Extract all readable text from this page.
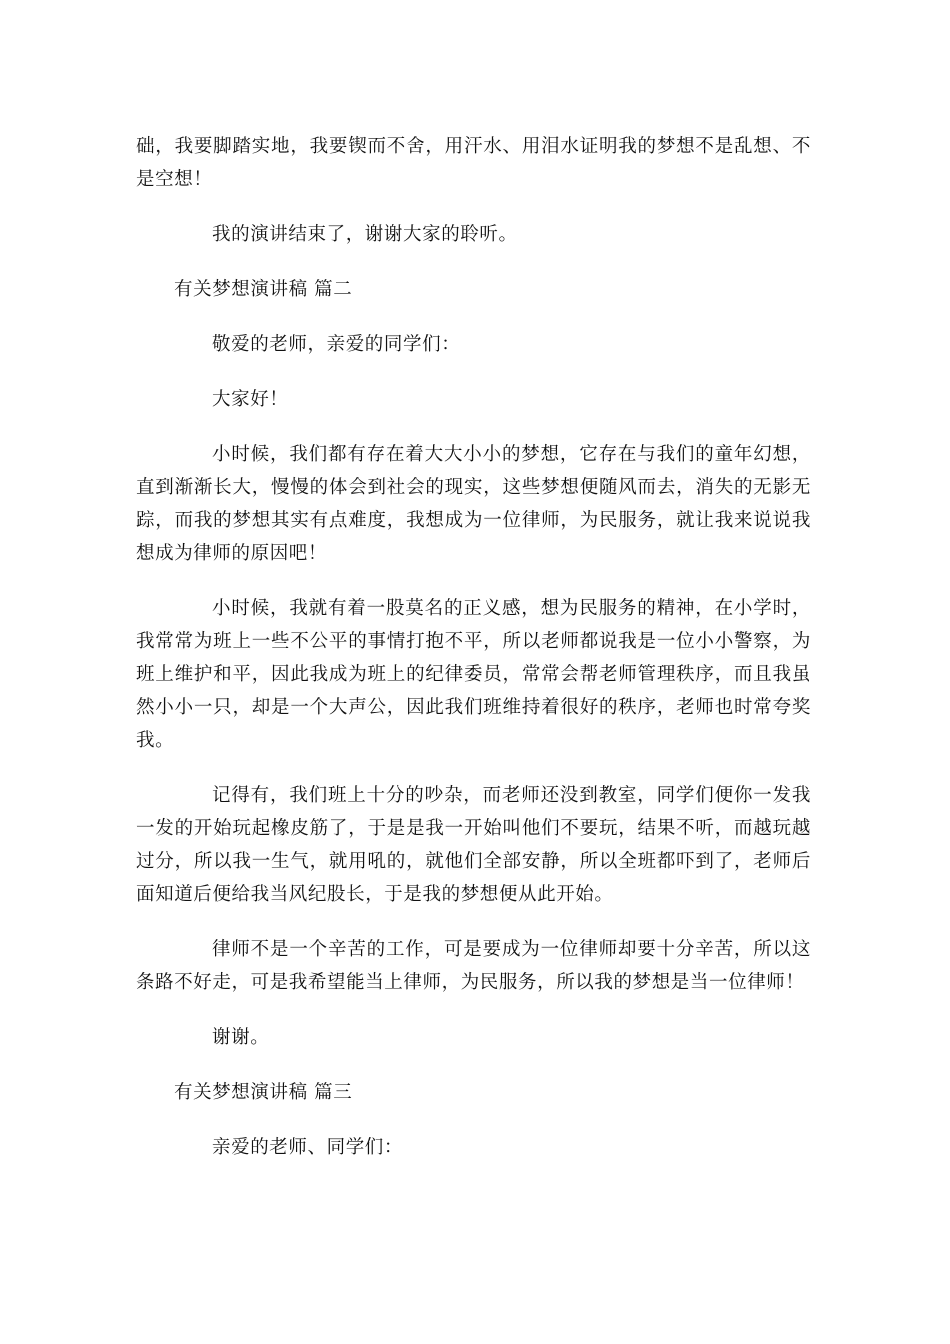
础，我要脚踏实地，我要锲而不舍，用汗水、用泪水证明我的梦想不是乱想、不是空想！

我的演讲结束了，谢谢大家的聆听。

有关梦想演讲稿 篇二

敬爱的老师，亲爱的同学们：

大家好！

小时候，我们都有存在着大大小小的梦想，它存在与我们的童年幻想，直到渐渐长大，慢慢的体会到社会的现实，这些梦想便随风而去，消失的无影无踪，而我的梦想其实有点难度，我想成为一位律师，为民服务，就让我来说说我想成为律师的原因吧！

小时候，我就有着一股莫名的正义感，想为民服务的精神，在小学时，我常常为班上一些不公平的事情打抱不平，所以老师都说我是一位小小警察，为班上维护和平，因此我成为班上的纪律委员，常常会帮老师管理秩序，而且我虽然小小一只，却是一个大声公，因此我们班维持着很好的秩序，老师也时常夸奖我。

记得有，我们班上十分的吵杂，而老师还没到教室，同学们便你一发我一发的开始玩起橡皮筋了，于是是我一开始叫他们不要玩，结果不听，而越玩越过分，所以我一生气，就用吼的，就他们全部安静，所以全班都吓到了，老师后面知道后便给我当风纪股长，于是我的梦想便从此开始。

律师不是一个辛苦的工作，可是要成为一位律师却要十分辛苦，所以这条路不好走，可是我希望能当上律师，为民服务，所以我的梦想是当一位律师！

谢谢。

有关梦想演讲稿 篇三

亲爱的老师、同学们：
